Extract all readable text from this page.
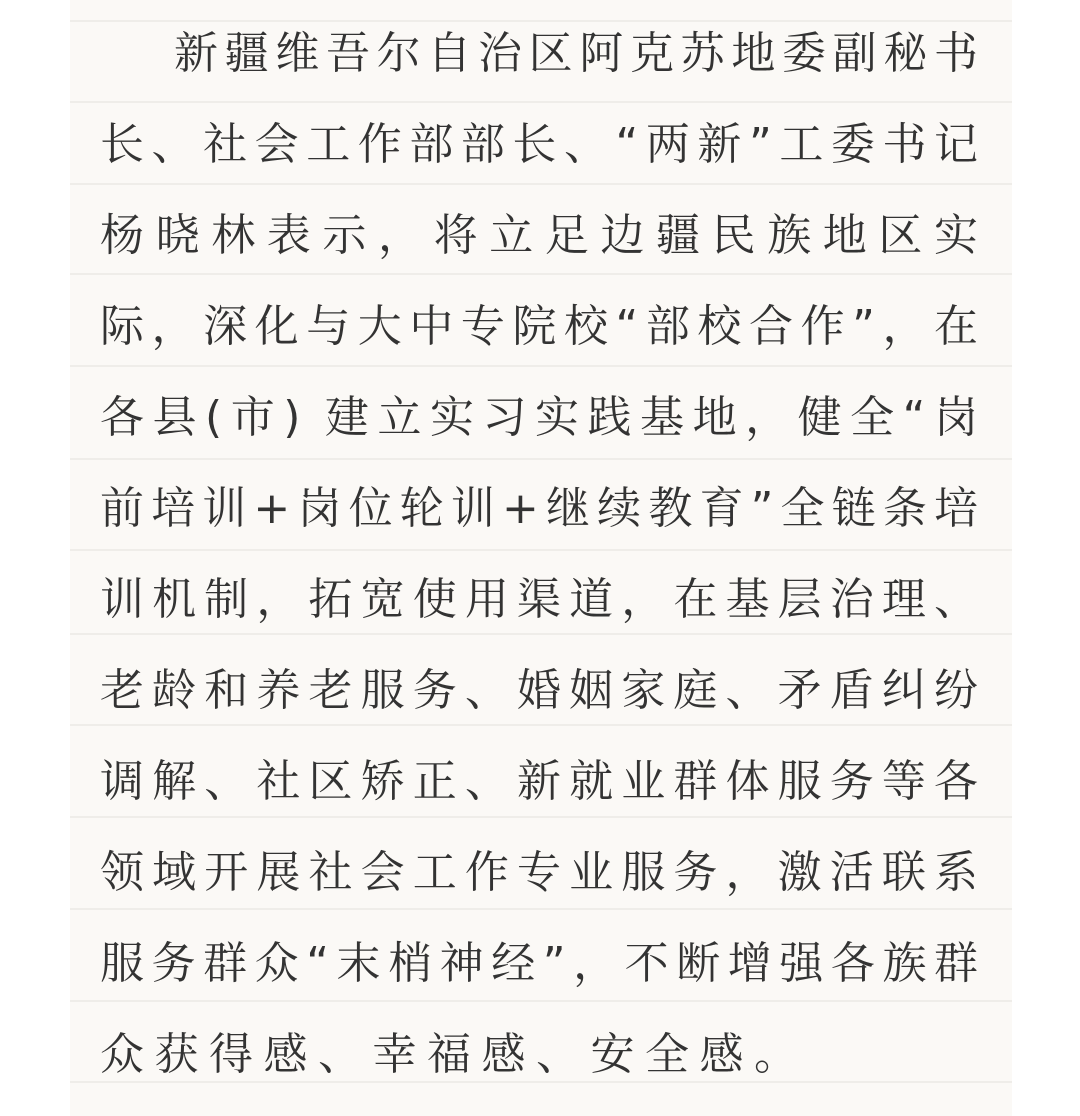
新疆维吾尔自治区阿克苏地委副秘书
长、社会工作部部长、“两新”工委书记
杨晓林表示，将立足边疆民族地区实
际，深化与大中专院校“部校合作”，在
各县(市) 建立实习实践基地，健全“岗
前培训+岗位轮训+继续教育”全链条培
训机制，拓宽使用渠道，在基层治理、
老龄和养老服务、婚姻家庭、矛盾纠纷
调解、社区矫正、新就业群体服务等各
领域开展社会工作专业服务，激活联系
服务群众“末梢神经”，不断增强各族群
众获得感、幸福感、安全感。
